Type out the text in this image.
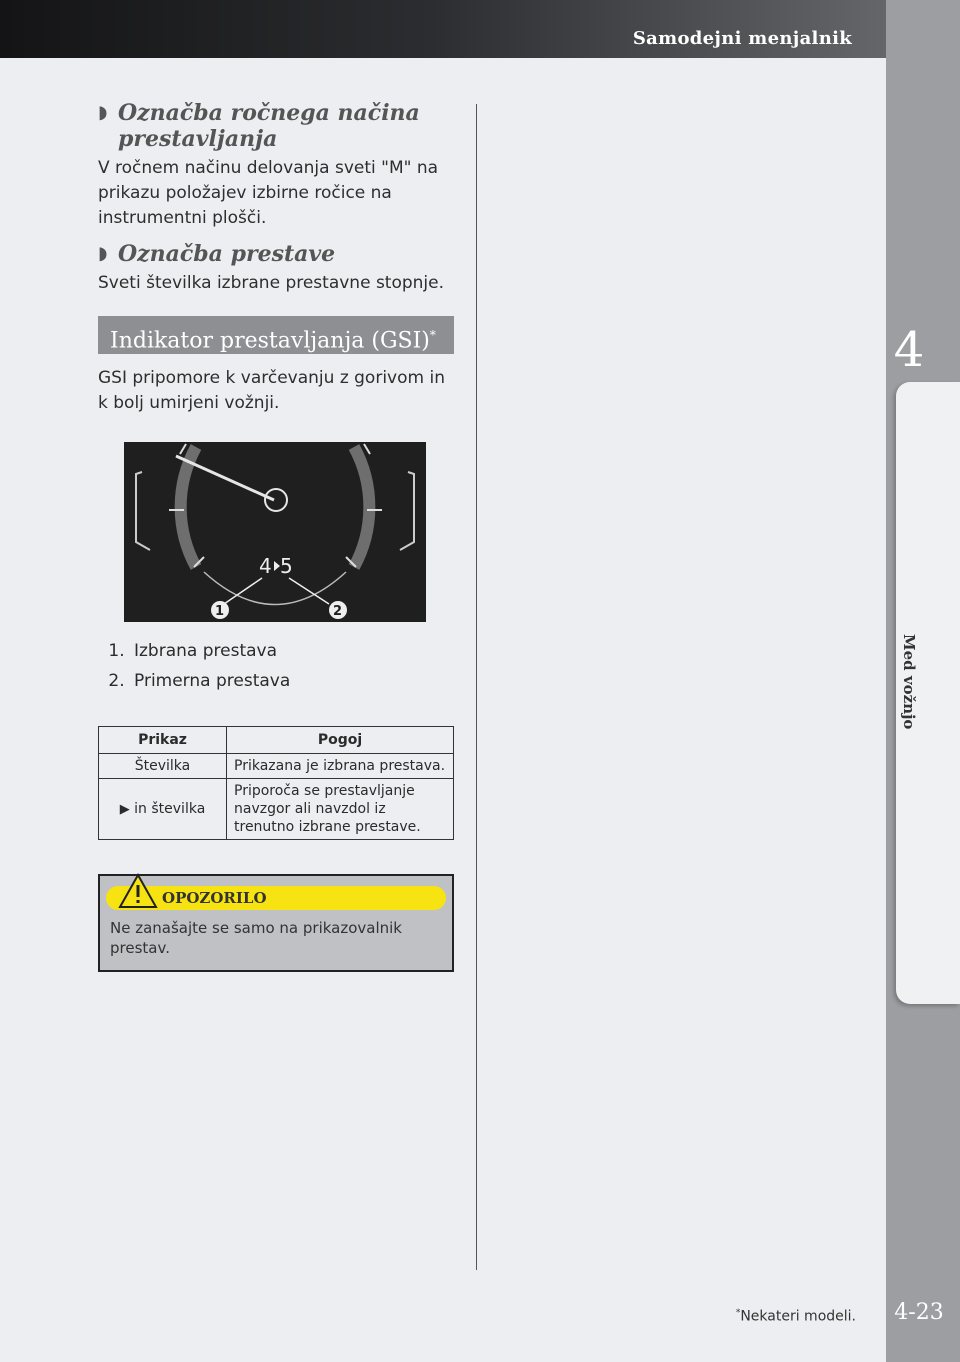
Samodejni menjalnik
4
Med vožnjo
4-23
◗ Označba ročnega načina prestavljanja

V ročnem načinu delovanja sveti "M" na prikazu položajev izbirne ročice na instrumentni plošči.

◗ Označba prestave

Sveti številka izbrane prestavne stopnje.

Indikator prestavljanja (GSI)*

GSI pripomore k varčevanju z gorivom in k bolj umirjeni vožnji.

4 5
1	2
1. Izbrana prestava
2. Primerna prestava
Prikaz	Pogoj
Številka	Prikazana je izbrana prestava.
▶ in številka	Priporoča se prestavljanje navzgor ali navzdol iz trenutno izbrane prestave.
OPOZORILO

Ne zanašajte se samo na prikazovalnik prestav.

*Nekateri modeli.
